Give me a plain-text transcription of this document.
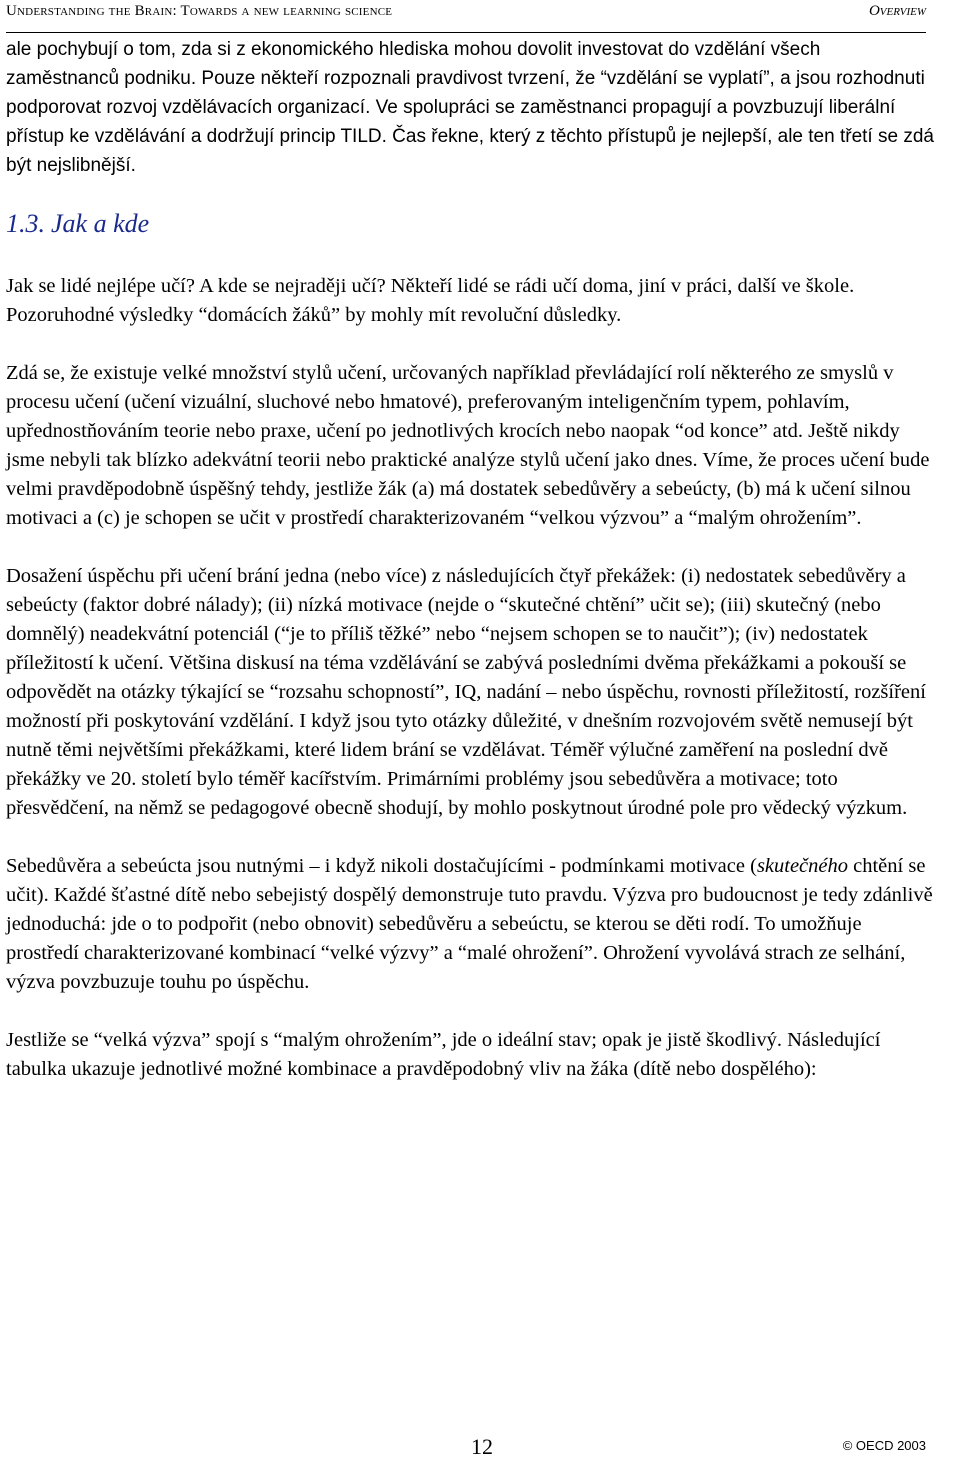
Understanding the Brain: Towards a new learning science	Overview

ale pochybují o tom, zda si z ekonomického hlediska mohou dovolit investovat do vzdělání všech zaměstnanců podniku. Pouze někteří rozpoznali pravdivost tvrzení, že “vzdělání se vyplatí”, a jsou rozhodnuti podporovat rozvoj vzdělávacích organizací. Ve spolupráci se zaměstnanci propagují a povzbuzují liberální přístup ke vzdělávání a dodržují princip TILD. Čas řekne, který z těchto přístupů je nejlepší, ale ten třetí se zdá být nejslibnější.

1.3. Jak a kde

Jak se lidé nejlépe učí? A kde se nejraději učí? Někteří lidé se rádi učí doma, jiní v práci, další ve škole. Pozoruhodné výsledky “domácích žáků” by mohly mít revoluční důsledky.

Zdá se, že existuje velké množství stylů učení, určovaných například převládající rolí některého ze smyslů v procesu učení (učení vizuální, sluchové nebo hmatové), preferovaným inteligenčním typem, pohlavím, upřednostňováním teorie nebo praxe, učení po jednotlivých krocích nebo naopak “od konce” atd. Ještě nikdy jsme nebyli tak blízko adekvátní teorii nebo praktické analýze stylů učení jako dnes. Víme, že proces učení bude velmi pravděpodobně úspěšný tehdy, jestliže žák (a) má dostatek sebedůvěry a sebeúcty, (b) má k učení silnou motivaci a (c) je schopen se učit v prostředí charakterizovaném “velkou výzvou” a “malým ohrožením”.

Dosažení úspěchu při učení brání jedna (nebo více) z následujících čtyř překážek: (i) nedostatek sebedůvěry a sebeúcty (faktor dobré nálady); (ii) nízká motivace (nejde o “skutečné chtění” učit se); (iii) skutečný (nebo domnělý) neadekvátní potenciál (“je to příliš těžké” nebo “nejsem schopen se to naučit”); (iv) nedostatek příležitostí k učení. Většina diskusí na téma vzdělávání se zabývá posledními dvěma překážkami a pokouší se odpovědět na otázky týkající se “rozsahu schopností”, IQ, nadání – nebo úspěchu, rovnosti příležitostí, rozšíření možností při poskytování vzdělání. I když jsou tyto otázky důležité, v dnešním rozvojovém světě nemusejí být nutně těmi největšími překážkami, které lidem brání se vzdělávat. Téměř výlučné zaměření na poslední dvě překážky ve 20. století bylo téměř kacířstvím. Primárními problémy jsou sebedůvěra a motivace; toto přesvědčení, na němž se pedagogové obecně shodují, by mohlo poskytnout úrodné pole pro vědecký výzkum.

Sebedůvěra a sebeúcta jsou nutnými – i když nikoli dostačujícími - podmínkami motivace (skutečného chtění se učit). Každé šťastné dítě nebo sebejistý dospělý demonstruje tuto pravdu. Výzva pro budoucnost je tedy zdánlivě jednoduchá: jde o to podpořit (nebo obnovit) sebedůvěru a sebeúctu, se kterou se děti rodí. To umožňuje prostředí charakterizované kombinací “velké výzvy” a “malé ohrožení”. Ohrožení vyvolává strach ze selhání, výzva povzbuzuje touhu po úspěchu.

Jestliže se “velká výzva” spojí s “malým ohrožením”, jde o ideální stav; opak je jistě škodlivý. Následující tabulka ukazuje jednotlivé možné kombinace a pravděpodobný vliv na žáka (dítě nebo dospělého):

12	© OECD 2003
